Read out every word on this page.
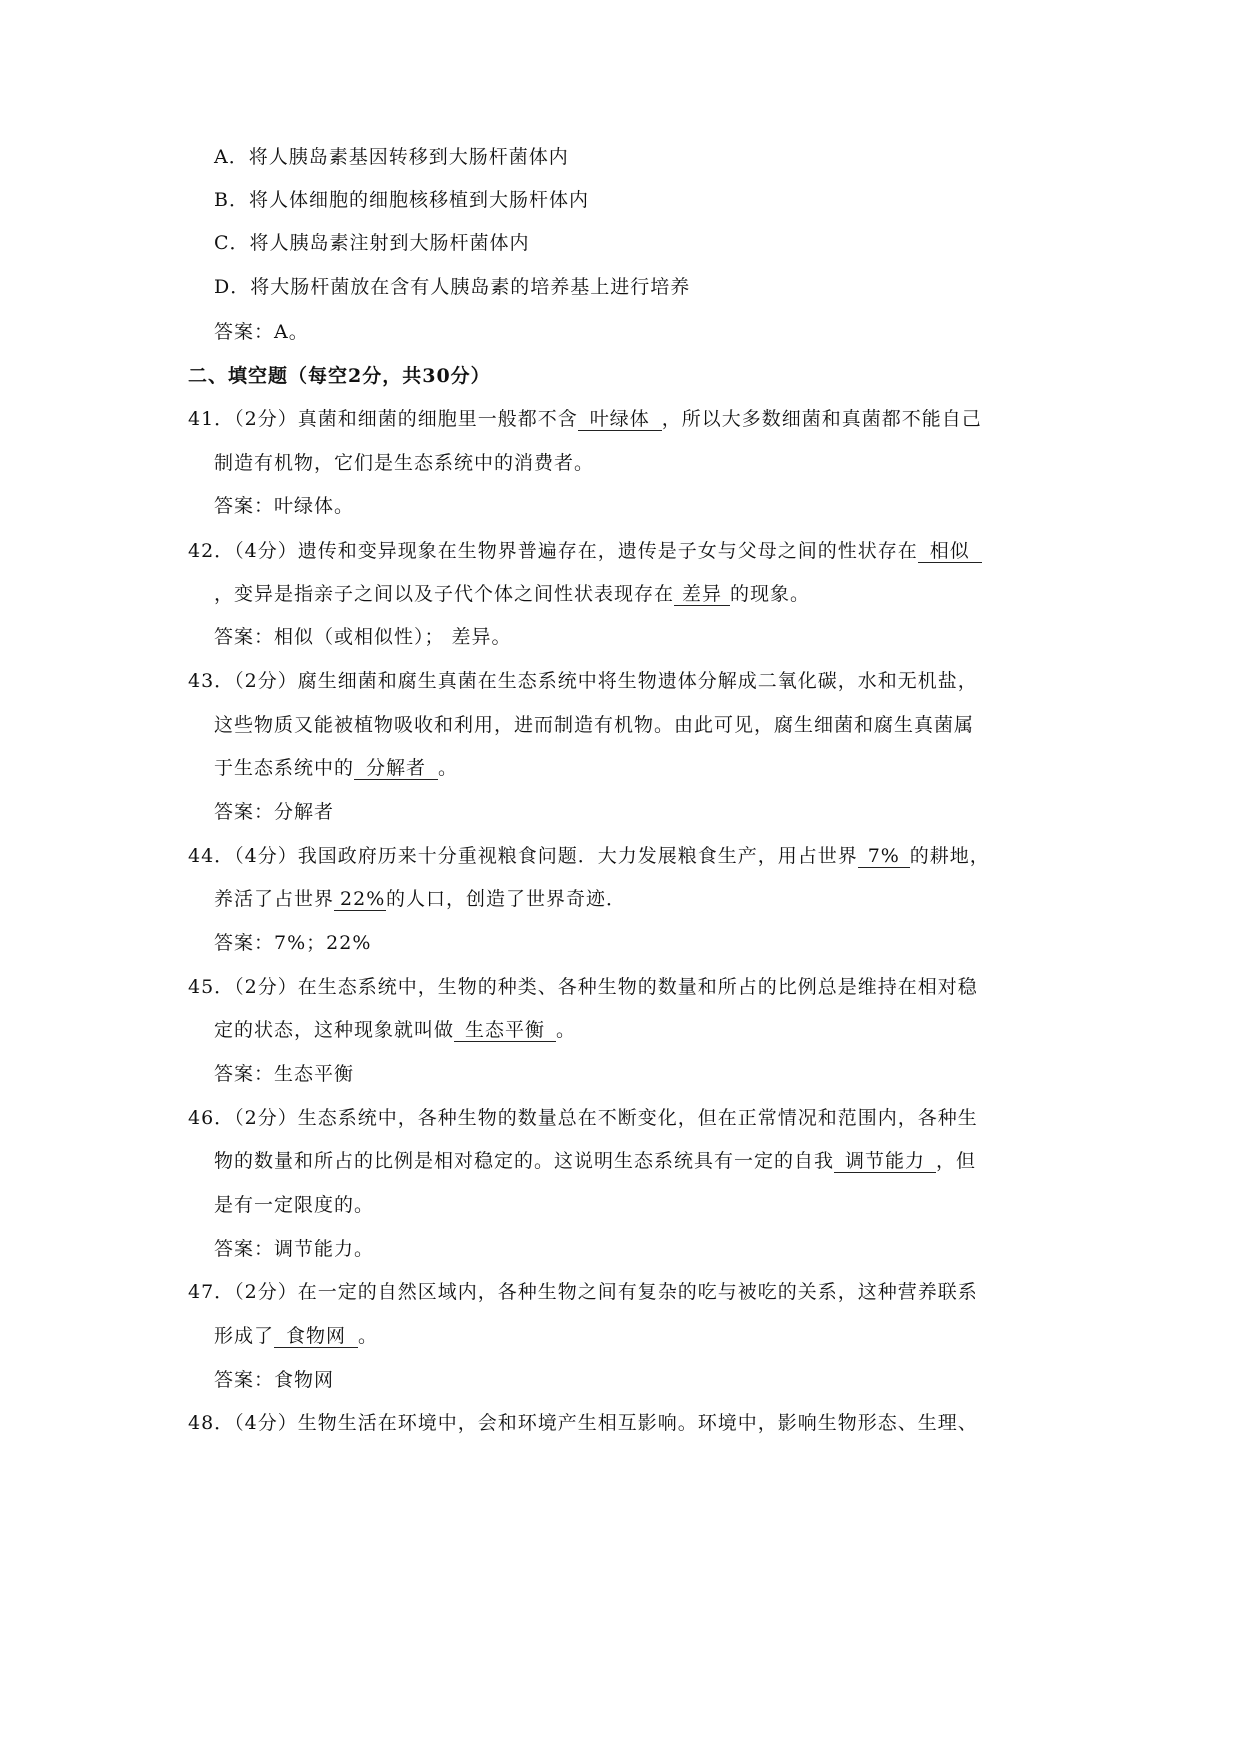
A．将人胰岛素基因转移到大肠杆菌体内
B．将人体细胞的细胞核移植到大肠杆体内
C．将人胰岛素注射到大肠杆菌体内
D．将大肠杆菌放在含有人胰岛素的培养基上进行培养
答案：A。
二、填空题（每空2分，共30分）
41．（2分）真菌和细菌的细胞里一般都不含 叶绿体 ，所以大多数细菌和真菌都不能自己
制造有机物，它们是生态系统中的消费者。
答案：叶绿体。
42．（4分）遗传和变异现象在生物界普遍存在，遗传是子女与父母之间的性状存在 相似
，变异是指亲子之间以及子代个体之间性状表现存在 差异 的现象。
答案：相似（或相似性）； 差异。
43．（2分）腐生细菌和腐生真菌在生态系统中将生物遗体分解成二氧化碳，水和无机盐，
这些物质又能被植物吸收和利用，进而制造有机物。由此可见，腐生细菌和腐生真菌属
于生态系统中的 分解者 。
答案：分解者
44．（4分）我国政府历来十分重视粮食问题．大力发展粮食生产，用占世界 7% 的耕地，
养活了占世界 22%的人口，创造了世界奇迹．
答案：7%；22%
45．（2分）在生态系统中，生物的种类、各种生物的数量和所占的比例总是维持在相对稳
定的状态，这种现象就叫做 生态平衡 。
答案：生态平衡
46．（2分）生态系统中，各种生物的数量总在不断变化，但在正常情况和范围内，各种生
物的数量和所占的比例是相对稳定的。这说明生态系统具有一定的自我 调节能力 ，但
是有一定限度的。
答案：调节能力。
47．（2分）在一定的自然区域内，各种生物之间有复杂的吃与被吃的关系，这种营养联系
形成了 食物网 。
答案：食物网
48．（4分）生物生活在环境中，会和环境产生相互影响。环境中，影响生物形态、生理、
